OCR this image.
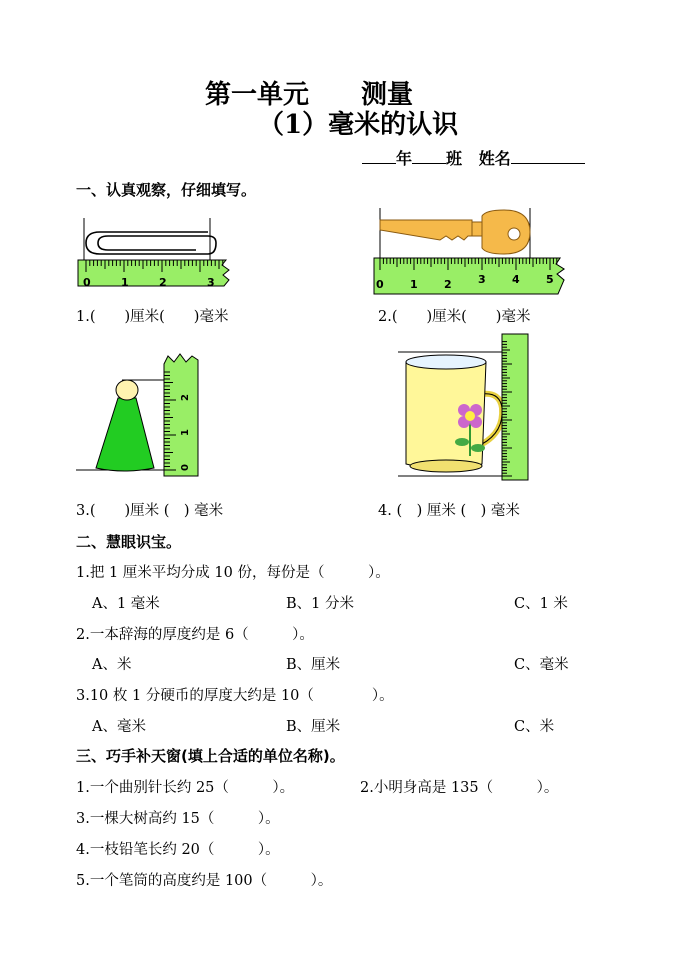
第一单元　　测量
（1）毫米的认识
年 班 姓名
一、认真观察，仔细填写。
0	1	2	3	0 1 2 3 4 5
1.(　　)厘米(　　)毫米	2.(　　)厘米(　　)毫米
0
1
2
3.(　　)厘米 (　) 毫米	4. (　) 厘米 (　) 毫米
二、慧眼识宝。
1.把 1 厘米平均分成 10 份，每份是（　　　）。
A、1 毫米	B、1 分米	C、1 米
2.一本辞海的厚度约是 6（　　　）。
A、米	B、厘米	C、毫米
3.10 枚 1 分硬币的厚度大约是 10（　　　　）。
A、毫米	B、厘米	C、米
三、巧手补天窗(填上合适的单位名称)。
1.一个曲别针长约 25（　　　）。	2.小明身高是 135（　　　）。
3.一棵大树高约 15（　　　）。
4.一枝铅笔长约 20（　　　）。
5.一个笔筒的高度约是 100（　　　）。
